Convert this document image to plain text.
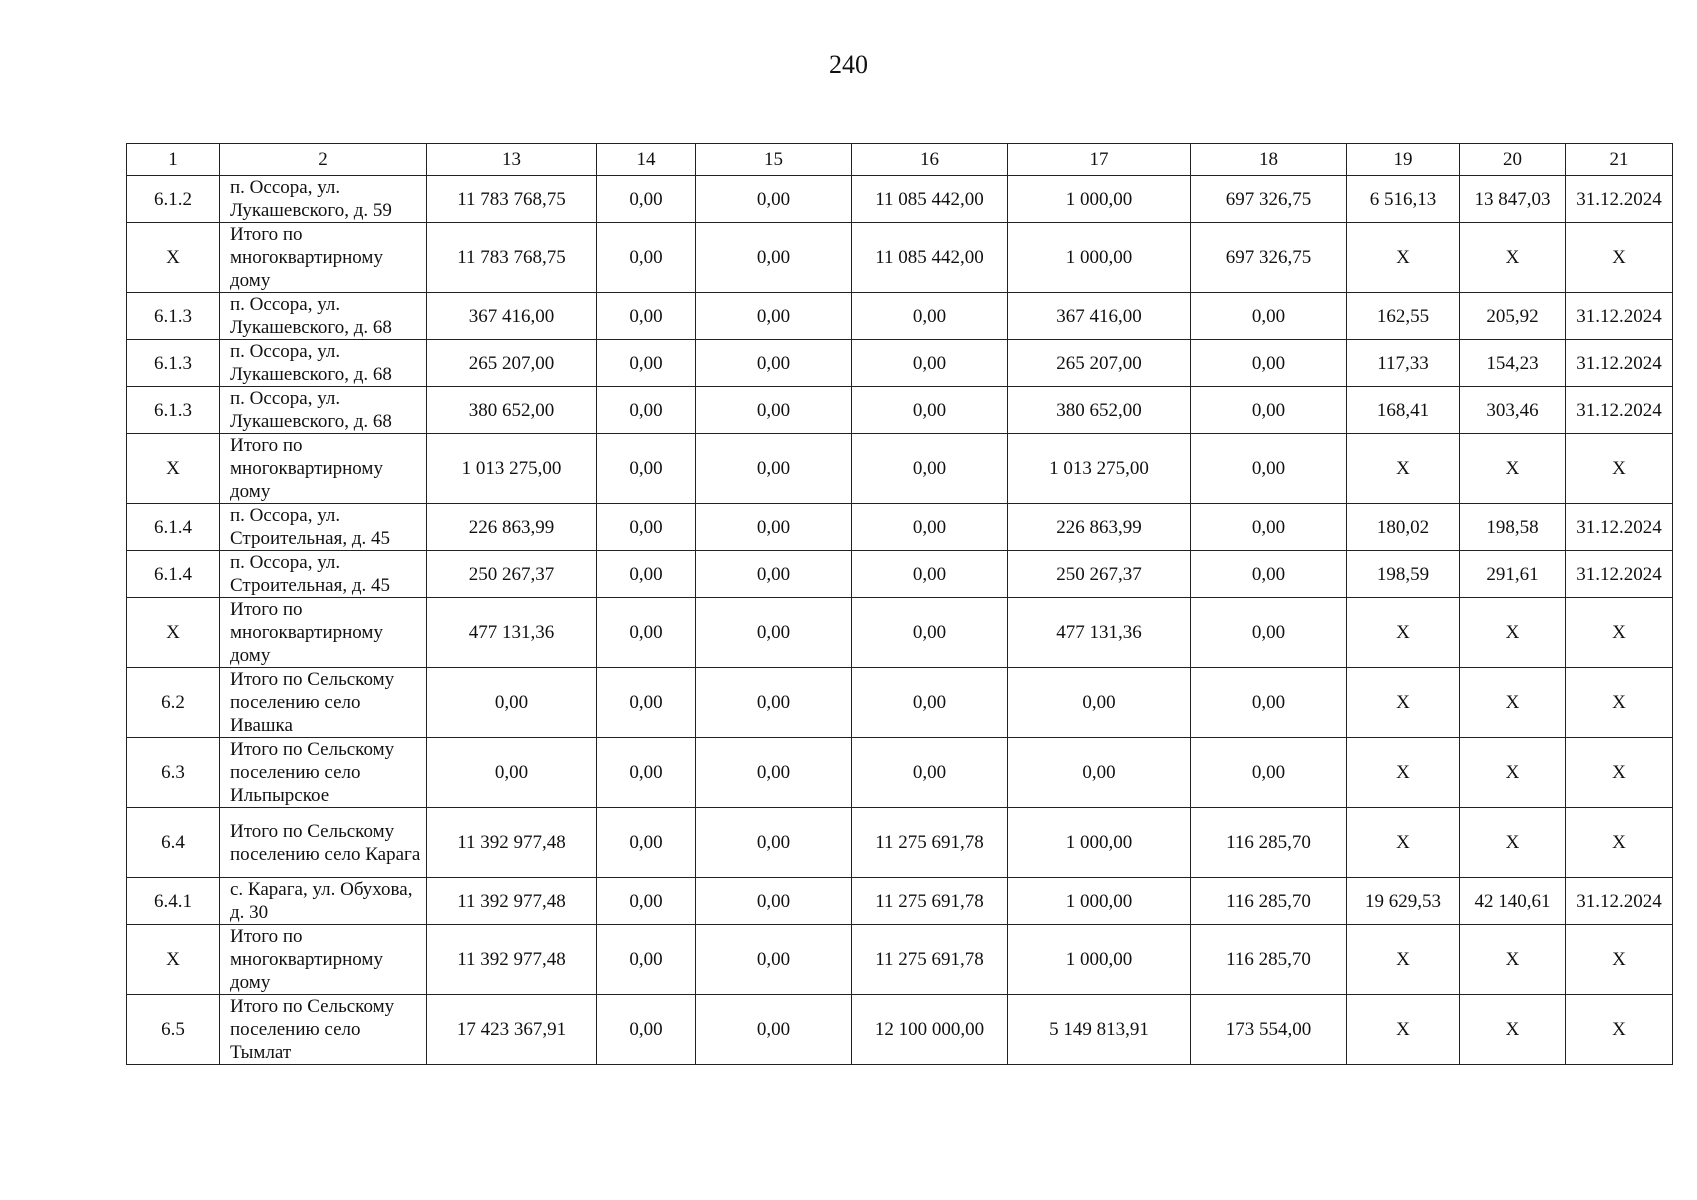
240
1	2	13	14	15	16	17	18	19	20	21
6.1.2	п. Оссора, ул. Лукашевского, д. 59	11 783 768,75	0,00	0,00	11 085 442,00	1 000,00	697 326,75	6 516,13	13 847,03	31.12.2024
X	Итого по многоквартирному дому	11 783 768,75	0,00	0,00	11 085 442,00	1 000,00	697 326,75	X	X	X
6.1.3	п. Оссора, ул. Лукашевского, д. 68	367 416,00	0,00	0,00	0,00	367 416,00	0,00	162,55	205,92	31.12.2024
6.1.3	п. Оссора, ул. Лукашевского, д. 68	265 207,00	0,00	0,00	0,00	265 207,00	0,00	117,33	154,23	31.12.2024
6.1.3	п. Оссора, ул. Лукашевского, д. 68	380 652,00	0,00	0,00	0,00	380 652,00	0,00	168,41	303,46	31.12.2024
X	Итого по многоквартирному дому	1 013 275,00	0,00	0,00	0,00	1 013 275,00	0,00	X	X	X
6.1.4	п. Оссора, ул. Строительная, д. 45	226 863,99	0,00	0,00	0,00	226 863,99	0,00	180,02	198,58	31.12.2024
6.1.4	п. Оссора, ул. Строительная, д. 45	250 267,37	0,00	0,00	0,00	250 267,37	0,00	198,59	291,61	31.12.2024
X	Итого по многоквартирному дому	477 131,36	0,00	0,00	0,00	477 131,36	0,00	X	X	X
6.2	Итого по Сельскому поселению село Ивашка	0,00	0,00	0,00	0,00	0,00	0,00	X	X	X
6.3	Итого по Сельскому поселению село Ильпырское	0,00	0,00	0,00	0,00	0,00	0,00	X	X	X
6.4	Итого по Сельскому поселению село Карага	11 392 977,48	0,00	0,00	11 275 691,78	1 000,00	116 285,70	X	X	X
6.4.1	с. Карага, ул. Обухова, д. 30	11 392 977,48	0,00	0,00	11 275 691,78	1 000,00	116 285,70	19 629,53	42 140,61	31.12.2024
X	Итого по многоквартирному дому	11 392 977,48	0,00	0,00	11 275 691,78	1 000,00	116 285,70	X	X	X
6.5	Итого по Сельскому поселению село Тымлат	17 423 367,91	0,00	0,00	12 100 000,00	5 149 813,91	173 554,00	X	X	X
